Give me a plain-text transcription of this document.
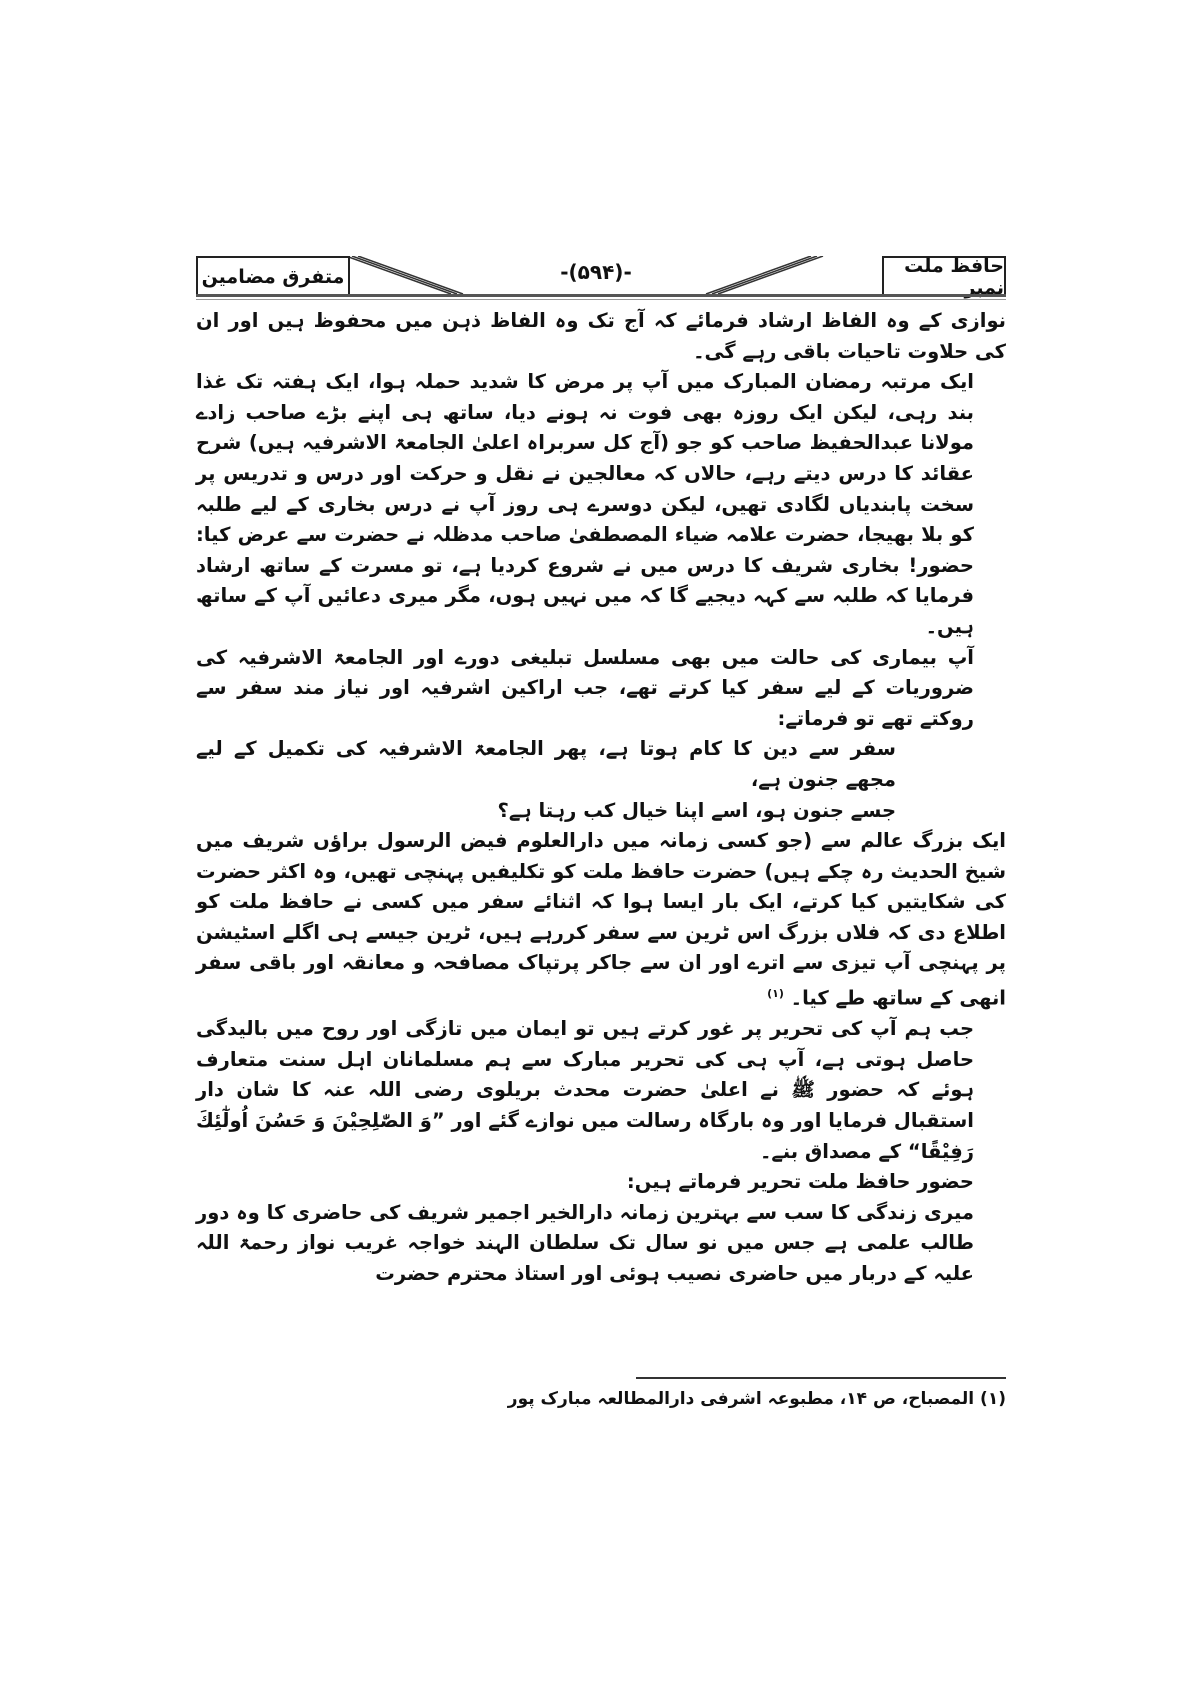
متفرق مضامین	-(۵۹۴)-	حافظ ملت نمبر

نوازی کے وہ الفاظ ارشاد فرمائے کہ آج تک وہ الفاظ ذہن میں محفوظ ہیں اور ان کی حلاوت تاحیات باقی رہے گی۔

ایک مرتبہ رمضان المبارک میں آپ پر مرض کا شدید حملہ ہوا، ایک ہفتہ تک غذا بند رہی، لیکن ایک روزہ بھی فوت نہ ہونے دیا، ساتھ ہی اپنے بڑے صاحب زادے مولانا عبدالحفیظ صاحب کو جو (آج کل سربراہ اعلیٰ الجامعۃ الاشرفیہ ہیں) شرح عقائد کا درس دیتے رہے، حالاں کہ معالجین نے نقل و حرکت اور درس و تدریس پر سخت پابندیاں لگادی تھیں، لیکن دوسرے ہی روز آپ نے درس بخاری کے لیے طلبہ کو بلا بھیجا، حضرت علامہ ضیاء المصطفیٰ صاحب مدظلہ نے حضرت سے عرض کیا: حضور! بخاری شریف کا درس میں نے شروع کردیا ہے، تو مسرت کے ساتھ ارشاد فرمایا کہ طلبہ سے کہہ دیجیے گا کہ میں نہیں ہوں، مگر میری دعائیں آپ کے ساتھ ہیں۔

آپ بیماری کی حالت میں بھی مسلسل تبلیغی دورے اور الجامعۃ الاشرفیہ کی ضروریات کے لیے سفر کیا کرتے تھے، جب اراکین اشرفیہ اور نیاز مند سفر سے روکتے تھے تو فرماتے:

سفر سے دین کا کام ہوتا ہے، پھر الجامعۃ الاشرفیہ کی تکمیل کے لیے مجھے جنون ہے،

جسے جنون ہو، اسے اپنا خیال کب رہتا ہے؟

ایک بزرگ عالم سے (جو کسی زمانہ میں دارالعلوم فیض الرسول براؤں شریف میں شیخ الحدیث رہ چکے ہیں) حضرت حافظ ملت کو تکلیفیں پہنچی تھیں، وہ اکثر حضرت کی شکایتیں کیا کرتے، ایک بار ایسا ہوا کہ اثنائے سفر میں کسی نے حافظ ملت کو اطلاع دی کہ فلاں بزرگ اس ٹرین سے سفر کررہے ہیں، ٹرین جیسے ہی اگلے اسٹیشن پر پہنچی آپ تیزی سے اترے اور ان سے جاکر پرتپاک مصافحہ و معانقہ اور باقی سفر انھی کے ساتھ طے کیا۔ $^{(۱)}$

جب ہم آپ کی تحریر پر غور کرتے ہیں تو ایمان میں تازگی اور روح میں بالیدگی حاصل ہوتی ہے، آپ ہی کی تحریر مبارک سے ہم مسلمانان اہل سنت متعارف ہوئے کہ حضور ﷺ نے اعلیٰ حضرت محدث بریلوی رضی اللہ عنہ کا شان دار استقبال فرمایا اور وہ بارگاہ رسالت میں نوازے گئے اور ”وَ الصّٰلِحِیْنَ وَ حَسُنَ اُولٰٓئِكَ رَفِیْقًا“ کے مصداق بنے۔

حضور حافظ ملت تحریر فرماتے ہیں:

میری زندگی کا سب سے بہترین زمانہ دارالخیر اجمیر شریف کی حاضری کا وہ دور طالب علمی ہے جس میں نو سال تک سلطان الہند خواجہ غریب نواز رحمۃ اللہ علیہ کے دربار میں حاضری نصیب ہوئی اور استاذ محترم حضرت

(۱) المصباح، ص ۱۴، مطبوعہ اشرفی دارالمطالعہ مبارک پور
